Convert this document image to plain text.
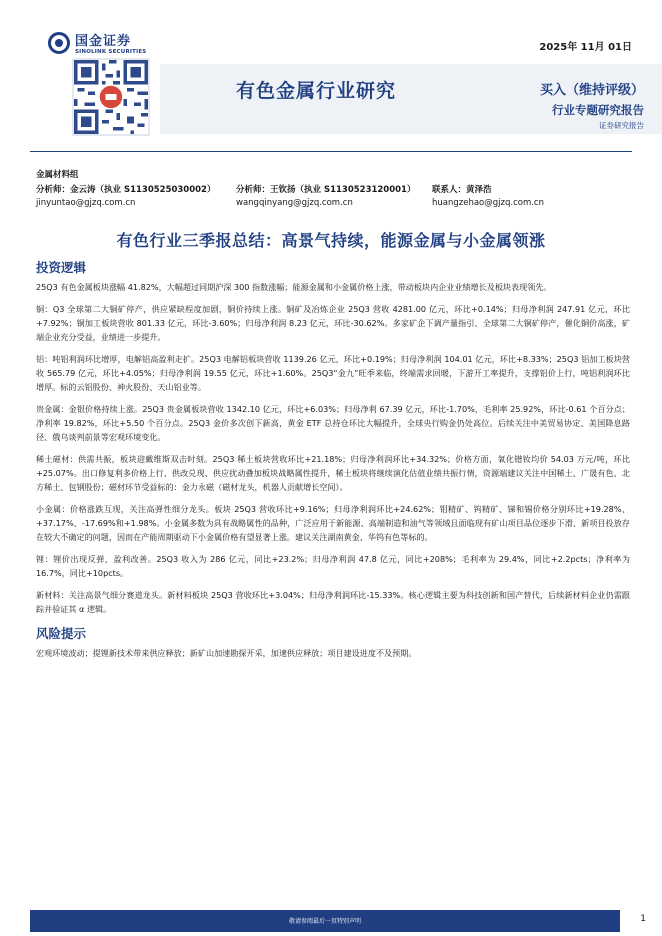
国金证券
SINOLINK SECURITIES	2025年 11月 01日
有色金属行业研究	买入（维持评级）
行业专题研究报告
证券研究报告
金属材料组
分析师：金云涛（执业 S1130525030002）	分析师：王钦扬（执业 S1130523120001）	联系人：黄泽浩
jinyuntao@gjzq.com.cn	wangqinyang@gjzq.com.cn	huangzehao@gjzq.com.cn
有色行业三季报总结：高景气持续，能源金属与小金属领涨
投资逻辑

25Q3 有色金属板块涨幅 41.82%，大幅超过同期沪深 300 指数涨幅；能源金属和小金属价格上涨，带动板块内企业业绩增长及板块表现领先。

铜：Q3 全球第二大铜矿停产，供应紧缺程度加剧，铜价持续上涨。铜矿及冶炼企业 25Q3 营收 4281.00 亿元，环比+0.14%；归母净利润 247.91 亿元，环比+7.92%；铜加工板块营收 801.33 亿元，环比-3.60%；归母净利润 8.23 亿元，环比-30.62%。多家矿企下调产量指引、全球第二大铜矿停产，催化铜价高涨，矿端企业充分受益，业绩进一步提升。

铝：吨铝利润环比增厚，电解铝高盈利走扩。25Q3 电解铝板块营收 1139.26 亿元，环比+0.19%；归母净利润 104.01 亿元，环比+8.33%；25Q3 铝加工板块营收 565.79 亿元，环比+4.05%；归母净利润 19.55 亿元，环比+1.60%。25Q3“金九”旺季来临，终端需求回暖，下游开工率提升，支撑铝价上行，吨铝利润环比增厚。标的云铝股份、神火股份、天山铝业等。

贵金属：金银价格持续上涨。25Q3 贵金属板块营收 1342.10 亿元，环比+6.03%；归母净利 67.39 亿元，环比-1.70%，毛利率 25.92%，环比-0.61 个百分点；净利率 19.82%，环比+5.50 个百分点。25Q3 金价多次创下新高，黄金 ETF 总持仓环比大幅提升，全球央行购金仍处高位。后续关注中美贸易协定、美国降息路径、俄乌谈判前景等宏观环境变化。

稀土磁材：供需共振，板块迎戴维斯双击时刻。25Q3 稀土板块营收环比+21.18%；归母净利润环比+34.32%；价格方面，氧化镨钕均价 54.03 万元/吨，环比+25.07%。出口修复利多价格上行、供改兑现、供应扰动叠加板块战略属性提升，稀土板块将继续演化估值业绩共振行情，资源端建议关注中国稀土、广晟有色、北方稀土、包钢股份；磁材环节受益标的：金力永磁（磁材龙头，机器人贡献增长空间）。

小金属：价格涨跌互现，关注高弹性细分龙头。板块 25Q3 营收环比+9.16%；归母净利润环比+24.62%；钼精矿、钨精矿、锑和锡价格分别环比+19.28%、+37.17%、-17.69%和+1.98%。小金属多数为具有战略属性的品种，广泛应用于新能源、高端制造和油气等领域且面临现有矿山项目品位逐步下滑、新项目投放存在较大不确定的问题，因而在产能周期驱动下小金属价格有望显著上涨。建议关注湖南黄金、华钨有色等标的。

锂：锂价出现反弹，盈利改善。25Q3 收入为 286 亿元，同比+23.2%；归母净利润 47.8 亿元，同比+208%；毛利率为 29.4%，同比+2.2pcts；净利率为 16.7%，同比+10pcts。

新材料：关注高景气细分赛道龙头。新材料板块 25Q3 营收环比+3.04%；归母净利润环比-15.33%。核心逻辑主要为科技创新和国产替代，后续新材料企业仍需跟踪并验证其 α 逻辑。

风险提示

宏观环境波动；提锂新技术带来供应释放；新矿山加速勘探开采，加速供应释放；项目建设进度不及预期。

敬请参阅最后一页特别声明	1
